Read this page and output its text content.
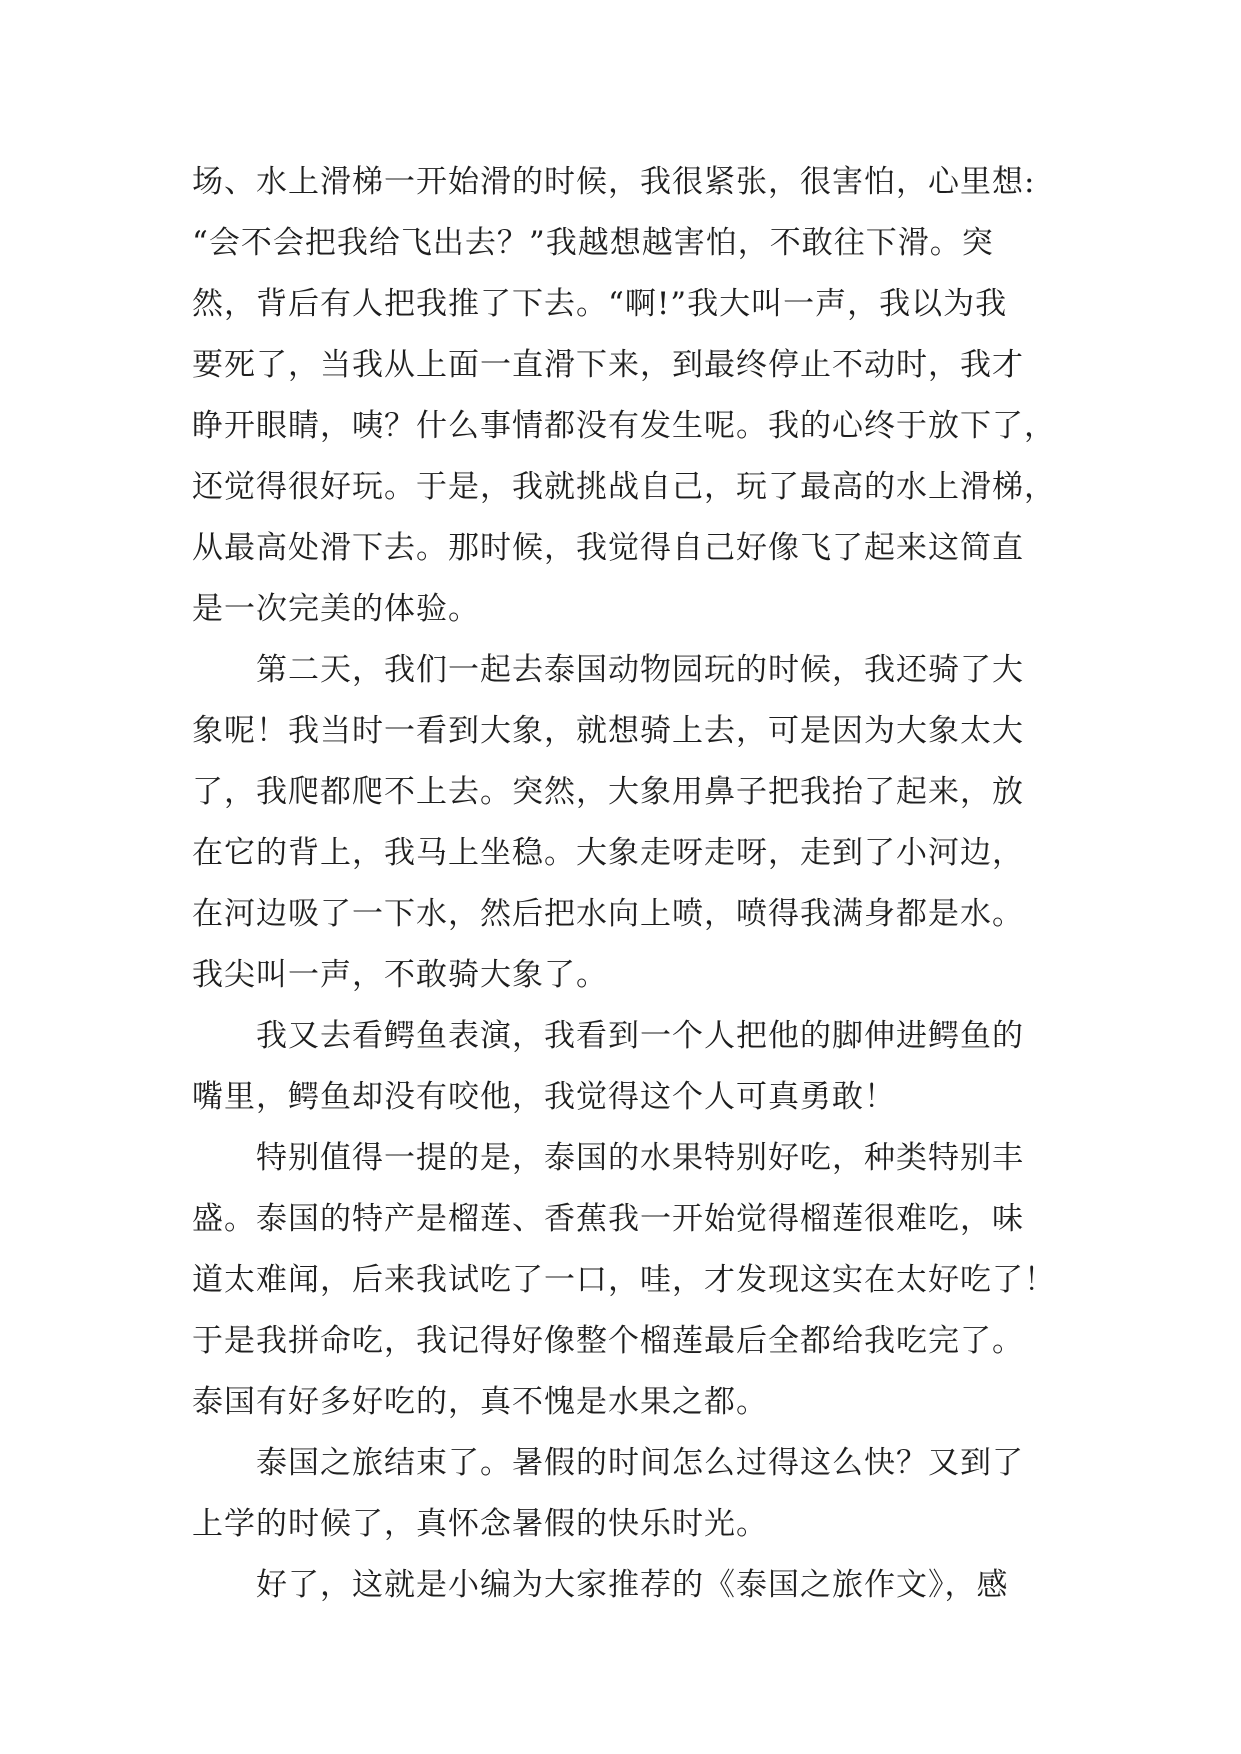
场、水上滑梯一开始滑的时候，我很紧张，很害怕，心里想:
“会不会把我给飞出去？”我越想越害怕，不敢往下滑。突
然，背后有人把我推了下去。“啊!”我大叫一声，我以为我
要死了，当我从上面一直滑下来，到最终停止不动时，我才
睁开眼睛，咦？什么事情都没有发生呢。我的心终于放下了，
还觉得很好玩。于是，我就挑战自己，玩了最高的水上滑梯，
从最高处滑下去。那时候，我觉得自己好像飞了起来这简直
是一次完美的体验。
第二天，我们一起去泰国动物园玩的时候，我还骑了大
象呢！我当时一看到大象，就想骑上去，可是因为大象太大
了，我爬都爬不上去。突然，大象用鼻子把我抬了起来，放
在它的背上，我马上坐稳。大象走呀走呀，走到了小河边，
在河边吸了一下水，然后把水向上喷，喷得我满身都是水。
我尖叫一声，不敢骑大象了。
我又去看鳄鱼表演，我看到一个人把他的脚伸进鳄鱼的
嘴里，鳄鱼却没有咬他，我觉得这个人可真勇敢！
特别值得一提的是，泰国的水果特别好吃，种类特别丰
盛。泰国的特产是榴莲、香蕉我一开始觉得榴莲很难吃，味
道太难闻，后来我试吃了一口，哇，才发现这实在太好吃了！
于是我拼命吃，我记得好像整个榴莲最后全都给我吃完了。
泰国有好多好吃的，真不愧是水果之都。
泰国之旅结束了。暑假的时间怎么过得这么快？又到了
上学的时候了，真怀念暑假的快乐时光。
好了，这就是小编为大家推荐的《泰国之旅作文》，感
